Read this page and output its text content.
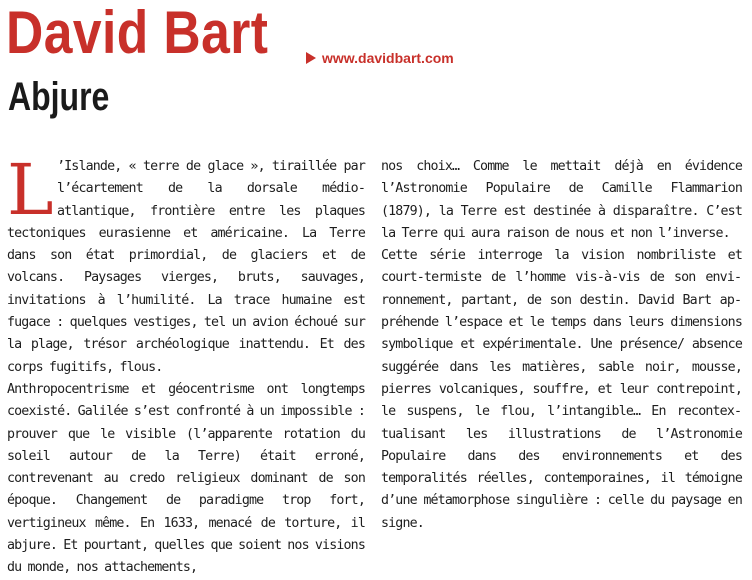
David Bart	www.davidbart.com
Abjure
L ’Islande, « terre de glace », tiraillée par l’écartement de la dorsale médio-atlantique, frontière entre les plaques tectoniques eurasienne et américaine. La Terre dans son état primordial, de glaciers et de volcans. Paysages vierges, bruts, sauvages, invitations à l’humilité. La trace humaine est fugace : quelques vestiges, tel un avion échoué sur la plage, trésor archéologique inattendu. Et des corps fugitifs, flous.

Anthropocentrisme et géocentrisme ont longtemps coexisté. Galilée s’est confronté à un impossible : prouver que le visible (l’apparente rotation du soleil autour de la Terre) était erroné, contrevenant au credo religieux dominant de son époque. Changement de paradigme trop fort, vertigineux même. En 1633, menacé de torture, il abjure. Et pourtant, quelles que soient nos visions du monde, nos attachements,

nos choix… Comme le mettait déjà en évidence l’Astronomie Populaire de Camille Flammarion (1879), la Terre est destinée à disparaître. C’est la Terre qui aura raison de nous et non l’inverse.

Cette série interroge la vision nombriliste et court-termiste de l’homme vis-à-vis de son environnement, partant, de son destin. David Bart appréhende l’espace et le temps dans leurs dimensions symbolique et expérimentale. Une présence/ absence suggérée dans les matières, sable noir, mousse, pierres volcaniques, souffre, et leur contrepoint, le suspens, le flou, l’intangible… En recontextualisant les illustrations de l’Astronomie Populaire dans des environnements et des temporalités réelles, contemporaines, il témoigne d’une métamorphose singulière : celle du paysage en signe.
